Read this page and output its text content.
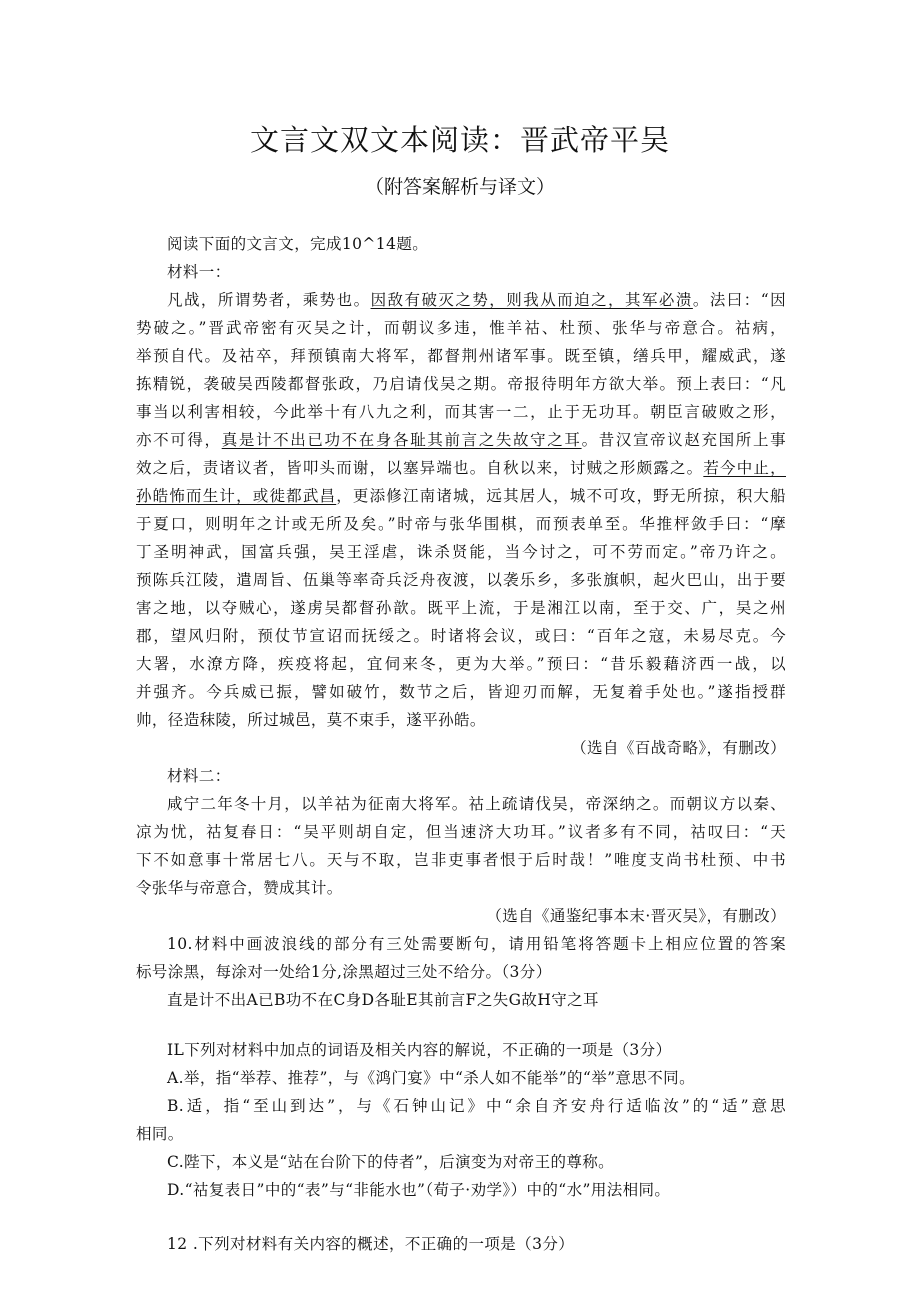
文言文双文本阅读：晋武帝平吴
（附答案解析与译文）
阅读下面的文言文，完成10^14题。
材料一：
凡战，所谓势者，乘势也。因敌有破灭之势，则我从而迫之，其军必溃。法曰：“因
势破之。”晋武帝密有灭吴之计，而朝议多违，惟羊祜、杜预、张华与帝意合。祜病，
举预自代。及祜卒，拜预镇南大将军，都督荆州诸军事。既至镇，缮兵甲，耀威武，遂
拣精锐，袭破吴西陵都督张政，乃启请伐吴之期。帝报待明年方欲大举。预上表曰：“凡
事当以利害相较，今此举十有八九之利，而其害一二，止于无功耳。朝臣言破败之形，
亦不可得，真是计不出已功不在身各耻其前言之失故守之耳。昔汉宣帝议赵充国所上事
效之后，责诸议者，皆叩头而谢，以塞异端也。自秋以来，讨贼之形颇露之。若今中止，
孙皓怖而生计，或徙都武昌，更添修江南诸城，远其居人，城不可攻，野无所掠，积大船
于夏口，则明年之计或无所及矣。”时帝与张华围棋，而预表单至。华推枰敛手曰：“摩
丁圣明神武，国富兵强，吴王淫虐，诛杀贤能，当今讨之，可不劳而定。”帝乃许之。
预陈兵江陵，遣周旨、伍巢等率奇兵泛舟夜渡，以袭乐乡，多张旗帜，起火巴山，出于要
害之地，以夺贼心，遂虏吴都督孙歆。既平上流，于是湘江以南，至于交、广，吴之州
郡，望风归附，预仗节宣诏而抚绥之。时诸将会议，或曰：“百年之寇，未易尽克。今
大署，水潦方降，疾疫将起，宜伺来冬，更为大举。”预曰：“昔乐毅藉济西一战，以
并强齐。今兵威已振，譬如破竹，数节之后，皆迎刃而解，无复着手处也。”遂指授群
帅，径造秣陵，所过城邑，莫不束手，遂平孙皓。
（选自《百战奇略》，有删改）
材料二：
咸宁二年冬十月，以羊祜为征南大将军。祜上疏请伐吴，帝深纳之。而朝议方以秦、
凉为忧，祜复春日：“吴平则胡自定，但当速济大功耳。”议者多有不同，祜叹曰：“天
下不如意事十常居七八。天与不取，岂非吏事者恨于后时哉！”唯度支尚书杜预、中书
令张华与帝意合，赞成其计。
（选自《通鉴纪事本末·晋灭吴》，有删改）
10.材料中画波浪线的部分有三处需要断句，请用铅笔将答题卡上相应位置的答案
标号涂黑，每涂对一处给1分,涂黑超过三处不给分。（3分）
直是计不出A已B功不在C身D各耻E其前言F之失G故H守之耳
IL下列对材料中加点的词语及相关内容的解说，不正确的一项是（3分）
A.举，指“举荐、推荐”，与《鸿门宴》中“杀人如不能举”的“举”意思不同。
B.适，指“至山到达”，与《石钟山记》中“余自齐安舟行适临汝”的“适”意思
相同。
C.陛下，本义是“站在台阶下的侍者”，后演变为对帝王的尊称。
D.“祜复表日”中的“表”与“非能水也”（荀子·劝学》）中的“水”用法相同。
12 .下列对材料有关内容的概述，不正确的一项是（3分）
